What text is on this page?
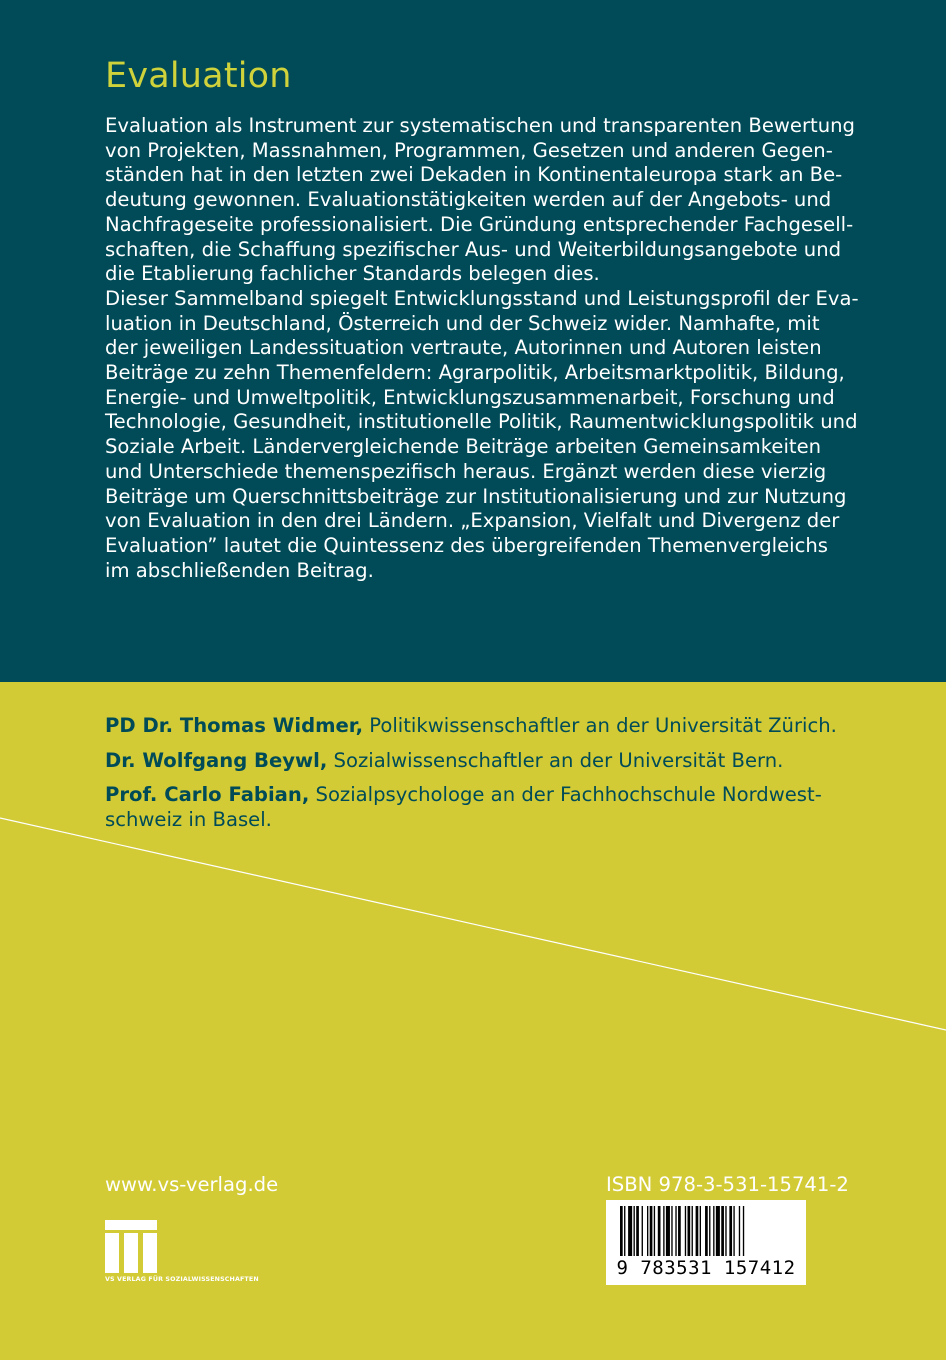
Evaluation
Evaluation als Instrument zur systematischen und transparenten Bewertung
von Projekten, Massnahmen, Programmen, Gesetzen und anderen Gegen-
ständen hat in den letzten zwei Dekaden in Kontinentaleuropa stark an Be-
deutung gewonnen. Evaluationstätigkeiten werden auf der Angebots- und
Nachfrageseite professionalisiert. Die Gründung entsprechender Fachgesell-
schaften, die Schaffung spezifischer Aus- und Weiterbildungsangebote und
die Etablierung fachlicher Standards belegen dies.
Dieser Sammelband spiegelt Entwicklungsstand und Leistungsprofil der Eva-
luation in Deutschland, Österreich und der Schweiz wider. Namhafte, mit
der jeweiligen Landessituation vertraute, Autorinnen und Autoren leisten
Beiträge zu zehn Themenfeldern: Agrarpolitik, Arbeitsmarktpolitik, Bildung,
Energie- und Umweltpolitik, Entwicklungszusammenarbeit, Forschung und
Technologie, Gesundheit, institutionelle Politik, Raumentwicklungspolitik und
Soziale Arbeit. Ländervergleichende Beiträge arbeiten Gemeinsamkeiten
und Unterschiede themenspezifisch heraus. Ergänzt werden diese vierzig
Beiträge um Querschnittsbeiträge zur Institutionalisierung und zur Nutzung
von Evaluation in den drei Ländern. „Expansion, Vielfalt und Divergenz der
Evaluation” lautet die Quintessenz des übergreifenden Themenvergleichs
im abschließenden Beitrag.
PD Dr. Thomas Widmer, Politikwissenschaftler an der Universität Zürich.
Dr. Wolfgang Beywl, Sozialwissenschaftler an der Universität Bern.
Prof. Carlo Fabian, Sozialpsychologe an der Fachhochschule Nordwest-
schweiz in Basel.
www.vs-verlag.de
VS VERLAG FÜR SOZIALWISSENSCHAFTEN
ISBN 978-3-531-15741-2
9 783531 157412
